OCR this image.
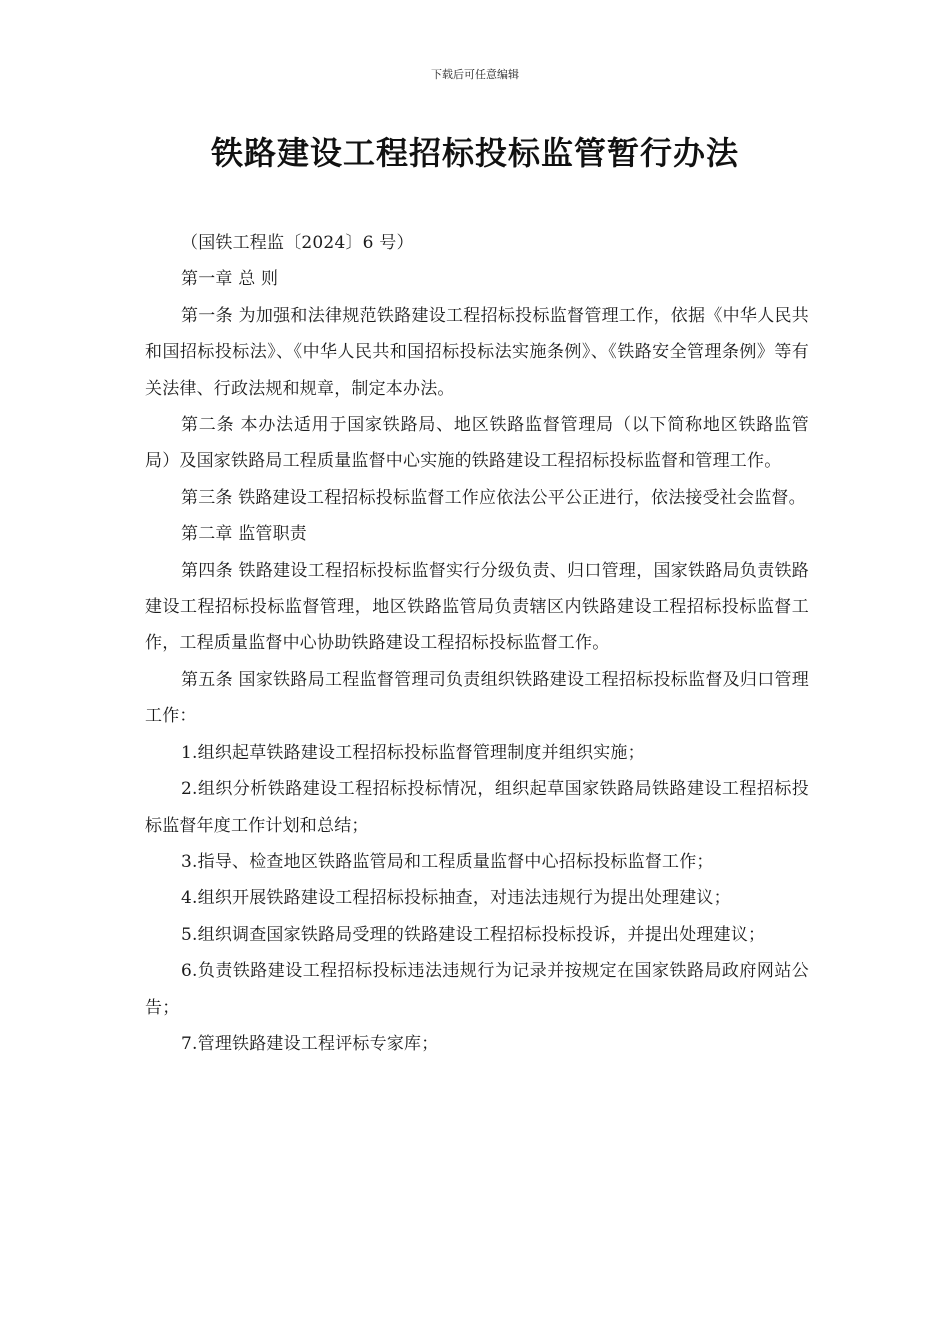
下载后可任意编辑
铁路建设工程招标投标监管暂行办法

（国铁工程监〔2024〕6 号）

第一章 总 则

第一条 为加强和法律规范铁路建设工程招标投标监督管理工作，依据《中华人民共和国招标投标法》、《中华人民共和国招标投标法实施条例》、《铁路安全管理条例》等有关法律、行政法规和规章，制定本办法。

第二条 本办法适用于国家铁路局、地区铁路监督管理局（以下简称地区铁路监管局）及国家铁路局工程质量监督中心实施的铁路建设工程招标投标监督和管理工作。

第三条 铁路建设工程招标投标监督工作应依法公平公正进行，依法接受社会监督。

第二章 监管职责

第四条 铁路建设工程招标投标监督实行分级负责、归口管理，国家铁路局负责铁路建设工程招标投标监督管理，地区铁路监管局负责辖区内铁路建设工程招标投标监督工作，工程质量监督中心协助铁路建设工程招标投标监督工作。

第五条 国家铁路局工程监督管理司负责组织铁路建设工程招标投标监督及归口管理工作：

1.组织起草铁路建设工程招标投标监督管理制度并组织实施；

2.组织分析铁路建设工程招标投标情况，组织起草国家铁路局铁路建设工程招标投标监督年度工作计划和总结；

3.指导、检查地区铁路监管局和工程质量监督中心招标投标监督工作；

4.组织开展铁路建设工程招标投标抽查，对违法违规行为提出处理建议；

5.组织调查国家铁路局受理的铁路建设工程招标投标投诉，并提出处理建议；

6.负责铁路建设工程招标投标违法违规行为记录并按规定在国家铁路局政府网站公告；

7.管理铁路建设工程评标专家库；
